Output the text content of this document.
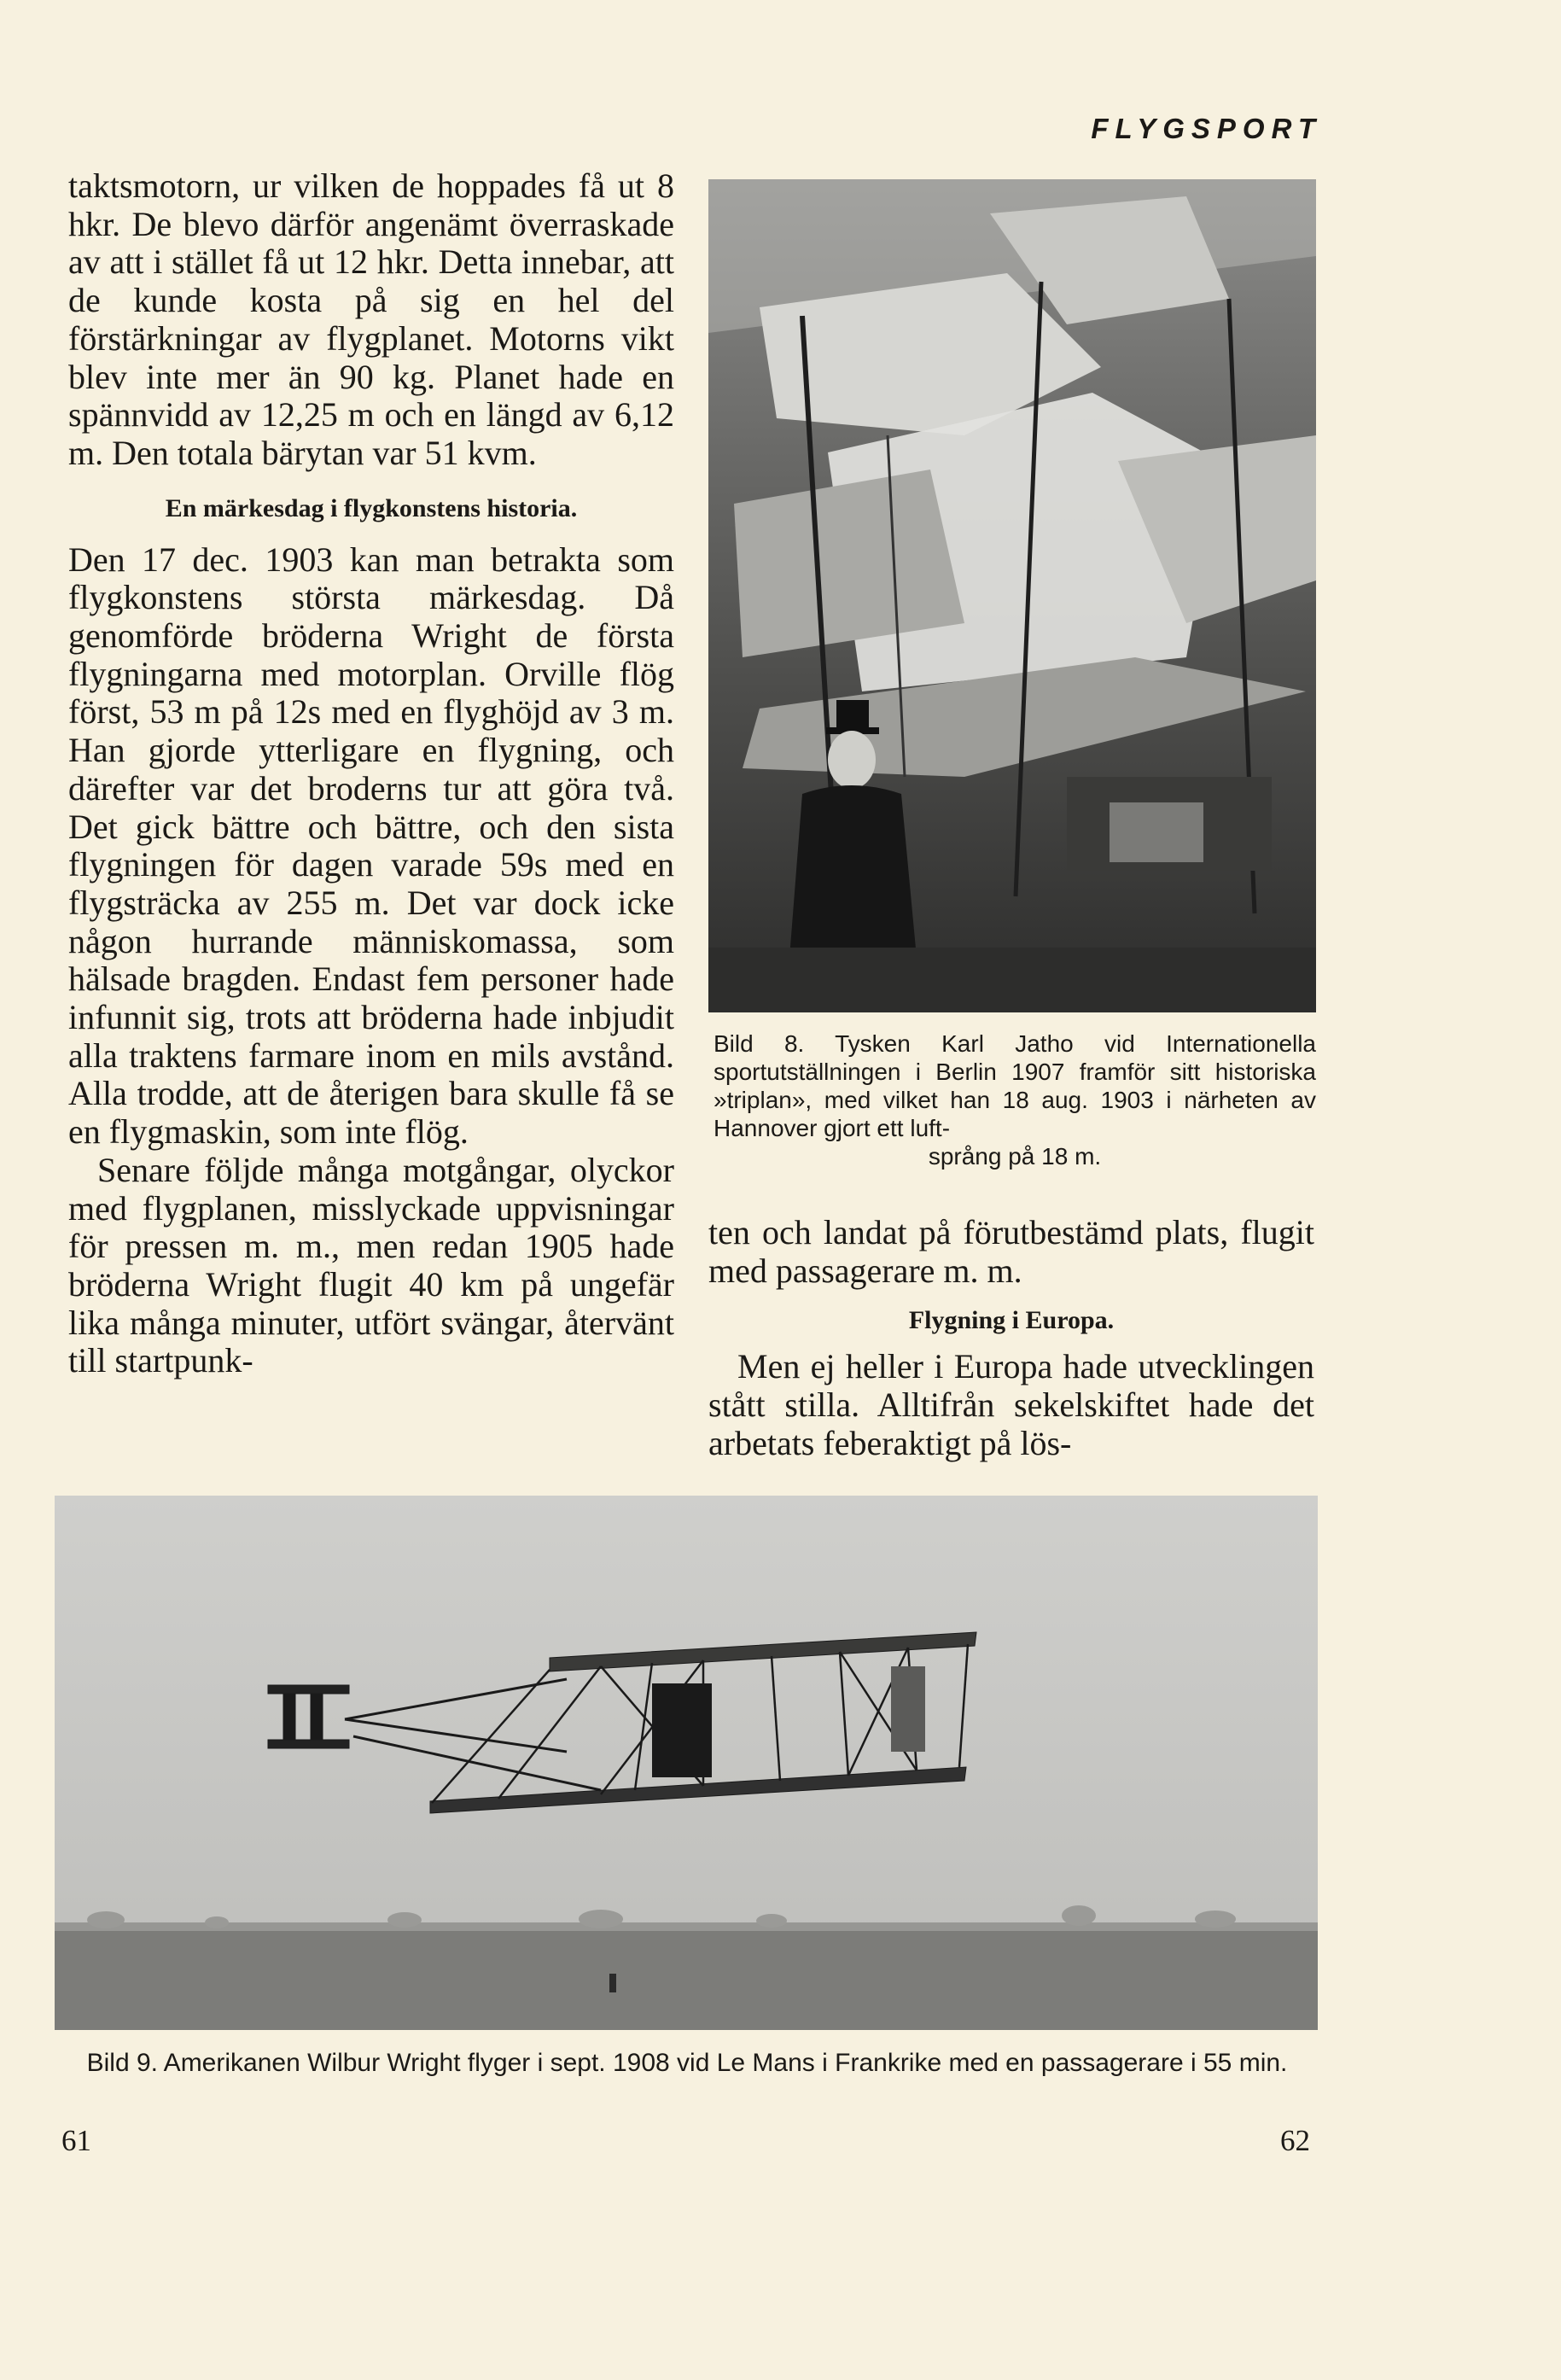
FLYGSPORT

taktsmotorn, ur vilken de hoppades få ut 8 hkr. De blevo därför angenämt överraskade av att i stället få ut 12 hkr. Detta innebar, att de kunde kosta på sig en hel del förstärkningar av flygplanet. Motorns vikt blev inte mer än 90 kg. Planet hade en spännvidd av 12,25 m och en längd av 6,12 m. Den totala bärytan var 51 kvm.

En märkesdag i flygkonstens historia.

Den 17 dec. 1903 kan man betrakta som flygkonstens största märkesdag. Då genomförde bröderna Wright de första flygningarna med motorplan. Orville flög först, 53 m på 12s med en flyghöjd av 3 m. Han gjorde ytterligare en flygning, och därefter var det broderns tur att göra två. Det gick bättre och bättre, och den sista flygningen för dagen varade 59s med en flygsträcka av 255 m. Det var dock icke någon hurrande människomassa, som hälsade bragden. Endast fem personer hade infunnit sig, trots att bröderna hade inbjudit alla traktens farmare inom en mils avstånd. Alla trodde, att de återigen bara skulle få se en flygmaskin, som inte flög.

Senare följde många motgångar, olyckor med flygplanen, misslyckade uppvisningar för pressen m. m., men redan 1905 hade bröderna Wright flugit 40 km på ungefär lika många minuter, utfört svängar, återvänt till startpunk-

Bild 8. Tysken Karl Jatho vid Internationella sportutställningen i Berlin 1907 framför sitt historiska »triplan», med vilket han 18 aug. 1903 i närheten av Hannover gjort ett luft-
språng på 18 m.

ten och landat på förutbestämd plats, flugit med passagerare m. m.

Flygning i Europa.

Men ej heller i Europa hade utvecklingen stått stilla. Alltifrån sekelskiftet hade det arbetats feberaktigt på lös-

Bild 9. Amerikanen Wilbur Wright flyger i sept. 1908 vid Le Mans i Frankrike med en passagerare i 55 min.
61	62
